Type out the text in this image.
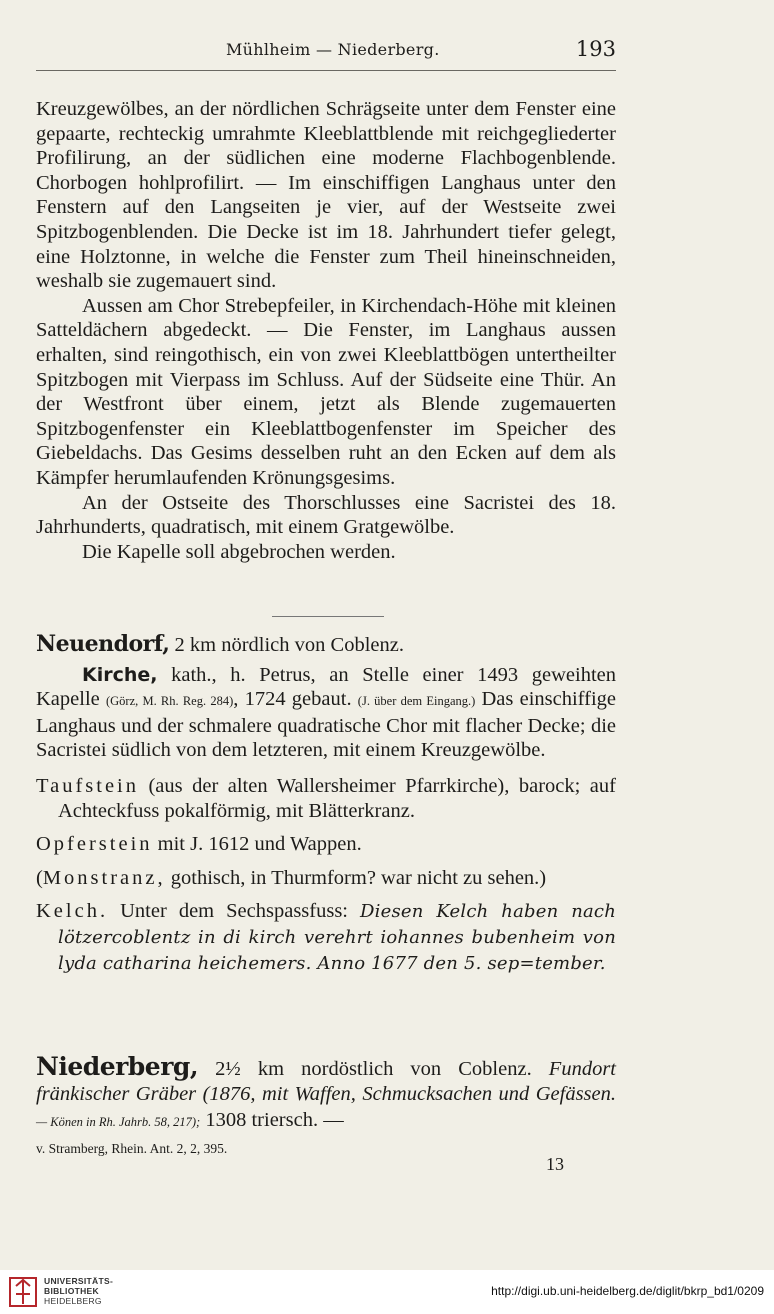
Mühlheim — Niederberg.	193

Kreuzgewölbes, an der nördlichen Schrägseite unter dem Fenster eine gepaarte, rechteckig umrahmte Kleeblattblende mit reichgegliederter Profilirung, an der südlichen eine moderne Flachbogenblende. Chorbogen hohlprofilirt. — Im einschiffigen Langhaus unter den Fenstern auf den Langseiten je vier, auf der Westseite zwei Spitzbogenblenden. Die Decke ist im 18. Jahrhundert tiefer gelegt, eine Holztonne, in welche die Fenster zum Theil hineinschneiden, weshalb sie zugemauert sind.

Aussen am Chor Strebepfeiler, in Kirchendach-Höhe mit kleinen Satteldächern abgedeckt. — Die Fenster, im Langhaus aussen erhalten, sind reingothisch, ein von zwei Kleeblattbögen untertheilter Spitzbogen mit Vierpass im Schluss. Auf der Südseite eine Thür. An der Westfront über einem, jetzt als Blende zugemauerten Spitzbogenfenster ein Kleeblattbogenfenster im Speicher des Giebeldachs. Das Gesims desselben ruht an den Ecken auf dem als Kämpfer herumlaufenden Krönungsgesims.

An der Ostseite des Thorschlusses eine Sacristei des 18. Jahrhunderts, quadratisch, mit einem Gratgewölbe.

Die Kapelle soll abgebrochen werden.

Neuendorf, 2 km nördlich von Coblenz.

Kirche, kath., h. Petrus, an Stelle einer 1493 geweihten Kapelle (Görz, M. Rh. Reg. 284), 1724 gebaut. (J. über dem Eingang.) Das einschiffige Langhaus und der schmalere quadratische Chor mit flacher Decke; die Sacristei südlich von dem letzteren, mit einem Kreuzgewölbe.

Taufstein (aus der alten Wallersheimer Pfarrkirche), barock; auf Achteckfuss pokalförmig, mit Blätterkranz.

Opferstein mit J. 1612 und Wappen.

(Monstranz, gothisch, in Thurmform? war nicht zu sehen.)

Kelch. Unter dem Sechspassfuss: Diesen Kelch haben nach lötzercoblentz in di kirch verehrt iohannes bubenheim von lyda catharina heichemers. Anno 1677 den 5. sep=tember.

Niederberg, 2½ km nordöstlich von Coblenz. Fundort fränkischer Gräber (1876, mit Waffen, Schmucksachen und Gefässen. — Könen in Rh. Jahrb. 58, 217); 1308 triersch. —

v. Stramberg, Rhein. Ant. 2, 2, 395.

13
UNIVERSITÄTS-
BIBLIOTHEK
HEIDELBERG
http://digi.ub.uni-heidelberg.de/diglit/bkrp_bd1/0209
